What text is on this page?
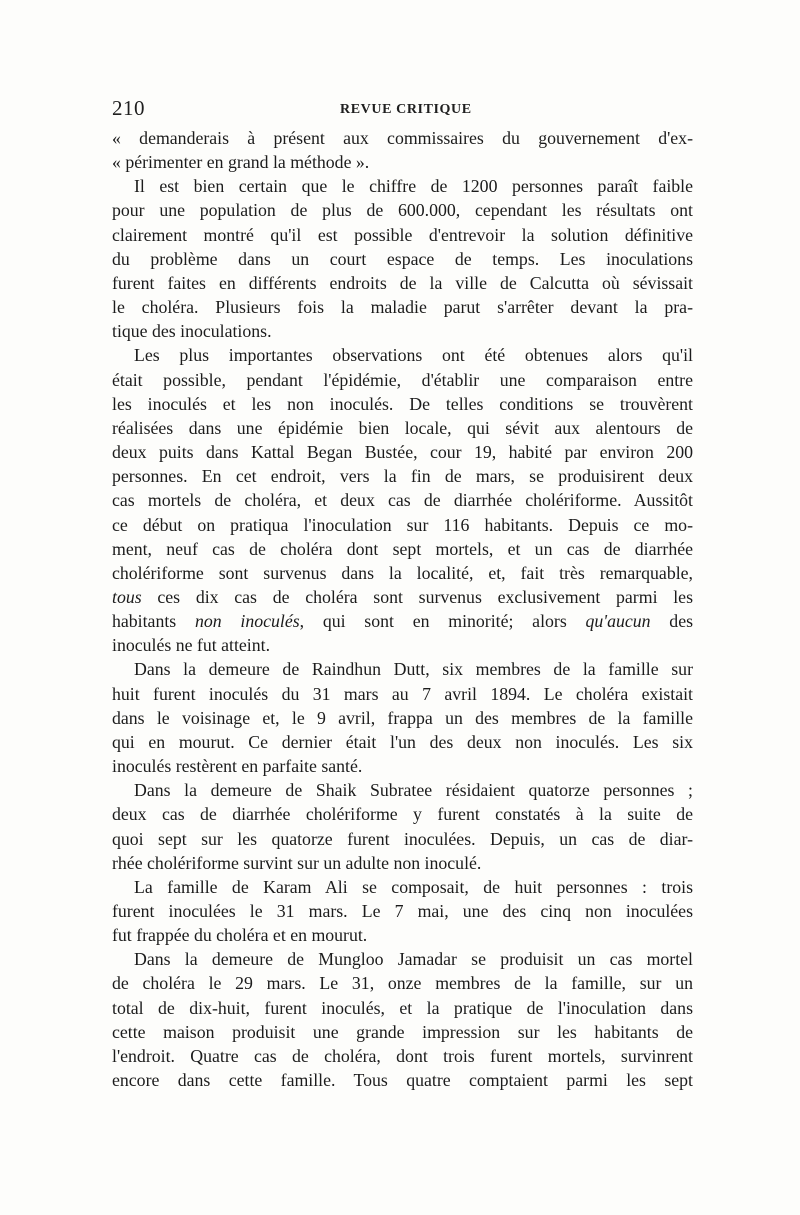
210	REVUE CRITIQUE

« demanderais à présent aux commissaires du gouvernement d'ex-

« périmenter en grand la méthode ».

Il est bien certain que le chiffre de 1200 personnes paraît faible

pour une population de plus de 600.000, cependant les résultats ont

clairement montré qu'il est possible d'entrevoir la solution définitive

du problème dans un court espace de temps. Les inoculations

furent faites en différents endroits de la ville de Calcutta où sévissait

le choléra. Plusieurs fois la maladie parut s'arrêter devant la pra-

tique des inoculations.

Les plus importantes observations ont été obtenues alors qu'il

était possible, pendant l'épidémie, d'établir une comparaison entre

les inoculés et les non inoculés. De telles conditions se trouvèrent

réalisées dans une épidémie bien locale, qui sévit aux alentours de

deux puits dans Kattal Began Bustée, cour 19, habité par environ 200

personnes. En cet endroit, vers la fin de mars, se produisirent deux

cas mortels de choléra, et deux cas de diarrhée cholériforme. Aussitôt

ce début on pratiqua l'inoculation sur 116 habitants. Depuis ce mo-

ment, neuf cas de choléra dont sept mortels, et un cas de diarrhée

cholériforme sont survenus dans la localité, et, fait très remarquable,

tous ces dix cas de choléra sont survenus exclusivement parmi les

habitants non inoculés, qui sont en minorité; alors qu'aucun des

inoculés ne fut atteint.

Dans la demeure de Raindhun Dutt, six membres de la famille sur

huit furent inoculés du 31 mars au 7 avril 1894. Le choléra existait

dans le voisinage et, le 9 avril, frappa un des membres de la famille

qui en mourut. Ce dernier était l'un des deux non inoculés. Les six

inoculés restèrent en parfaite santé.

Dans la demeure de Shaik Subratee résidaient quatorze personnes ;

deux cas de diarrhée cholériforme y furent constatés à la suite de

quoi sept sur les quatorze furent inoculées. Depuis, un cas de diar-

rhée cholériforme survint sur un adulte non inoculé.

La famille de Karam Ali se composait, de huit personnes : trois

furent inoculées le 31 mars. Le 7 mai, une des cinq non inoculées

fut frappée du choléra et en mourut.

Dans la demeure de Mungloo Jamadar se produisit un cas mortel

de choléra le 29 mars. Le 31, onze membres de la famille, sur un

total de dix-huit, furent inoculés, et la pratique de l'inoculation dans

cette maison produisit une grande impression sur les habitants de

l'endroit. Quatre cas de choléra, dont trois furent mortels, survinrent

encore dans cette famille. Tous quatre comptaient parmi les sept
